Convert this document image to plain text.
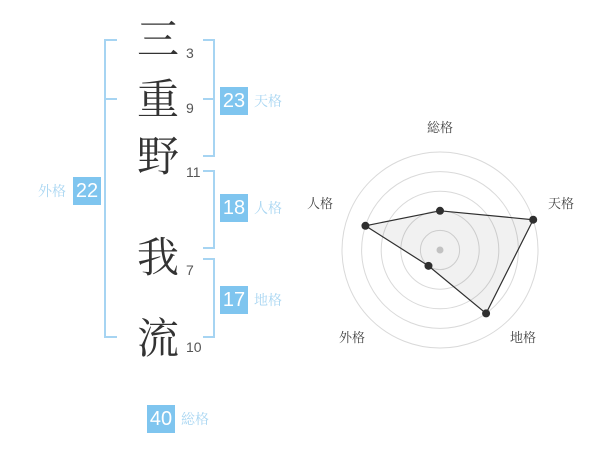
三
重
野
我
流
3
9
11
7
10
23 天格
18 人格
17 地格
22
外格
40 総格
総格
天格
地格
外格
人格
